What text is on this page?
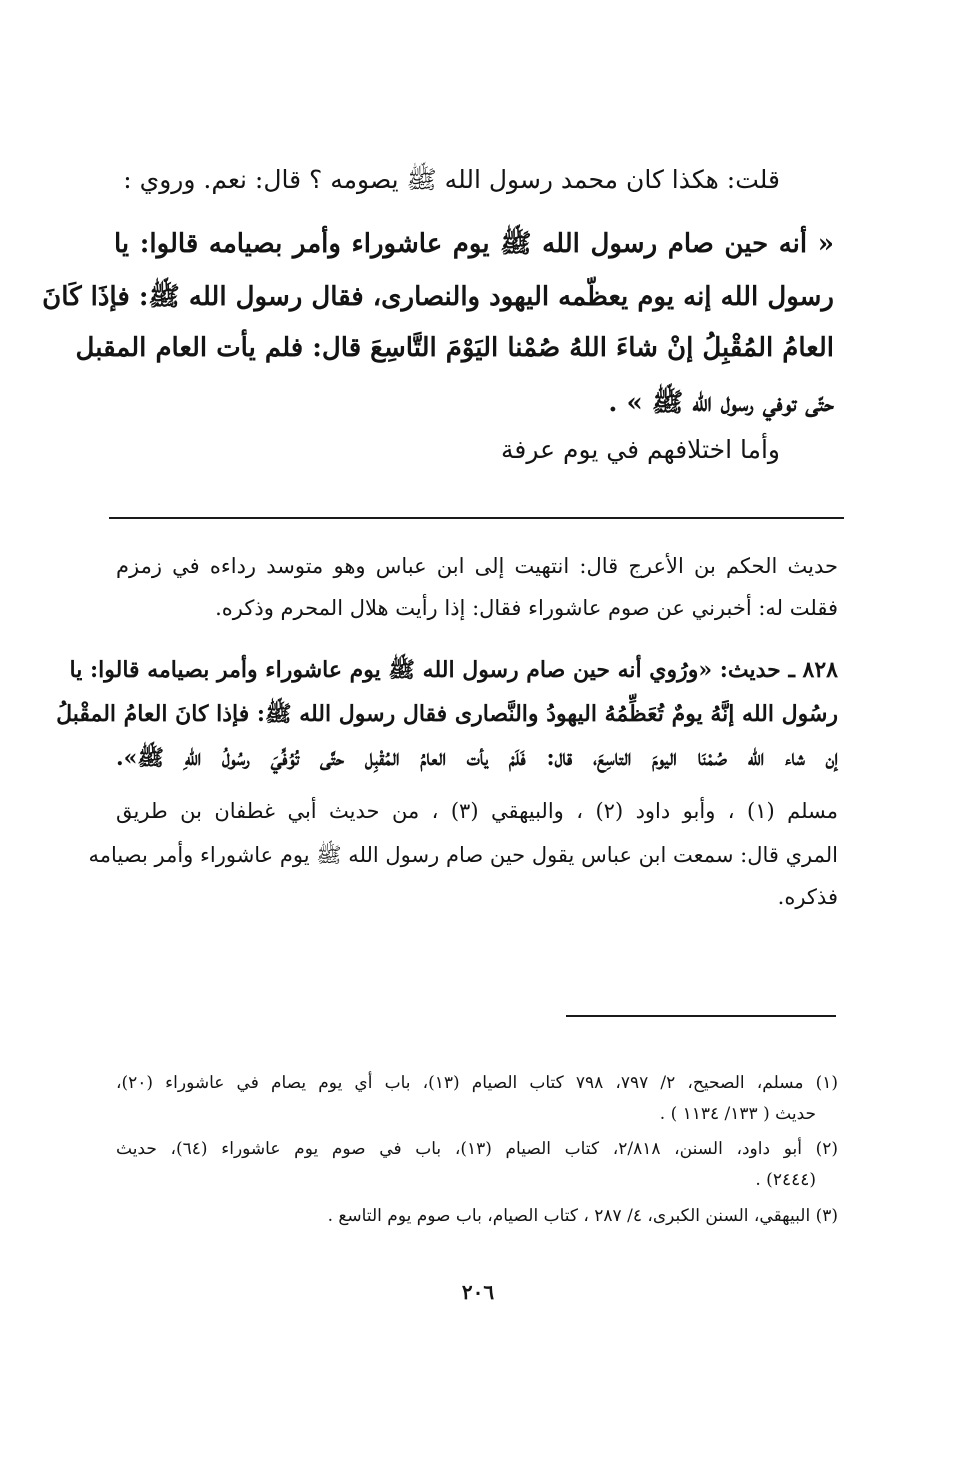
قلت: هكذا كان محمد رسول الله ﷺ يصومه ؟ قال: نعم. وروي :
« أنه حين صام رسول الله ﷺ يوم عاشوراء وأمر بصيامه قالوا: يا
رسول الله إنه يوم يعظّمه اليهود والنصارى، فقال رسول الله ﷺ: فإذَا كَانَ
العامُ المُقْبِلُ إنْ شاءَ اللهُ صُمْنا اليَوْمَ التَّاسِعَ قال: فلم يأت العام المقبل
حتّى توفي رسول الله ﷺ » .
وأما اختلافهم في يوم عرفة
حديث الحكم بن الأعرج قال: انتهيت إلى ابن عباس وهو متوسد رداءه في زمزم
فقلت له: أخبرني عن صوم عاشوراء فقال: إذا رأيت هلال المحرم وذكره.
٨٢٨ ـ حديث: «ورُوي أنه حين صام رسول الله ﷺ يوم عاشوراء وأمر بصيامه قالوا: يا
رسُول الله إنَّهُ يومٌ تُعَظِّمُهُ اليهودُ والنَّصارى فقال رسول الله ﷺ: فإذا كانَ العامُ المقْبلُ
إن شاء الله صُمْنَا اليومَ التاسِعَ، قال: فَلَمْ يأت العامُ المُقْبِل حتَّى تُوُفِّيَ رسُولُ اللهِ ﷺ».
مسلم (١) ، وأبو داود (٢) ، والبيهقي (٣) ، من حديث أبي غطفان بن طريق
المري قال: سمعت ابن عباس يقول حين صام رسول الله ﷺ يوم عاشوراء وأمر بصيامه
فذكره.
(١) مسلم، الصحيح، ٢/ ٧٩٧، ٧٩٨ كتاب الصيام (١٣)، باب أي يوم يصام في عاشوراء (٢٠)،
حديث ( ١٣٣/ ١١٣٤ ) .
(٢) أبو داود، السنن، ٢/٨١٨، كتاب الصيام (١٣)، باب في صوم يوم عاشوراء (٦٤)، حديث
(٢٤٤٤) .
(٣) البيهقي، السنن الكبرى، ٤/ ٢٨٧ ، كتاب الصيام، باب صوم يوم التاسع .
٢٠٦
